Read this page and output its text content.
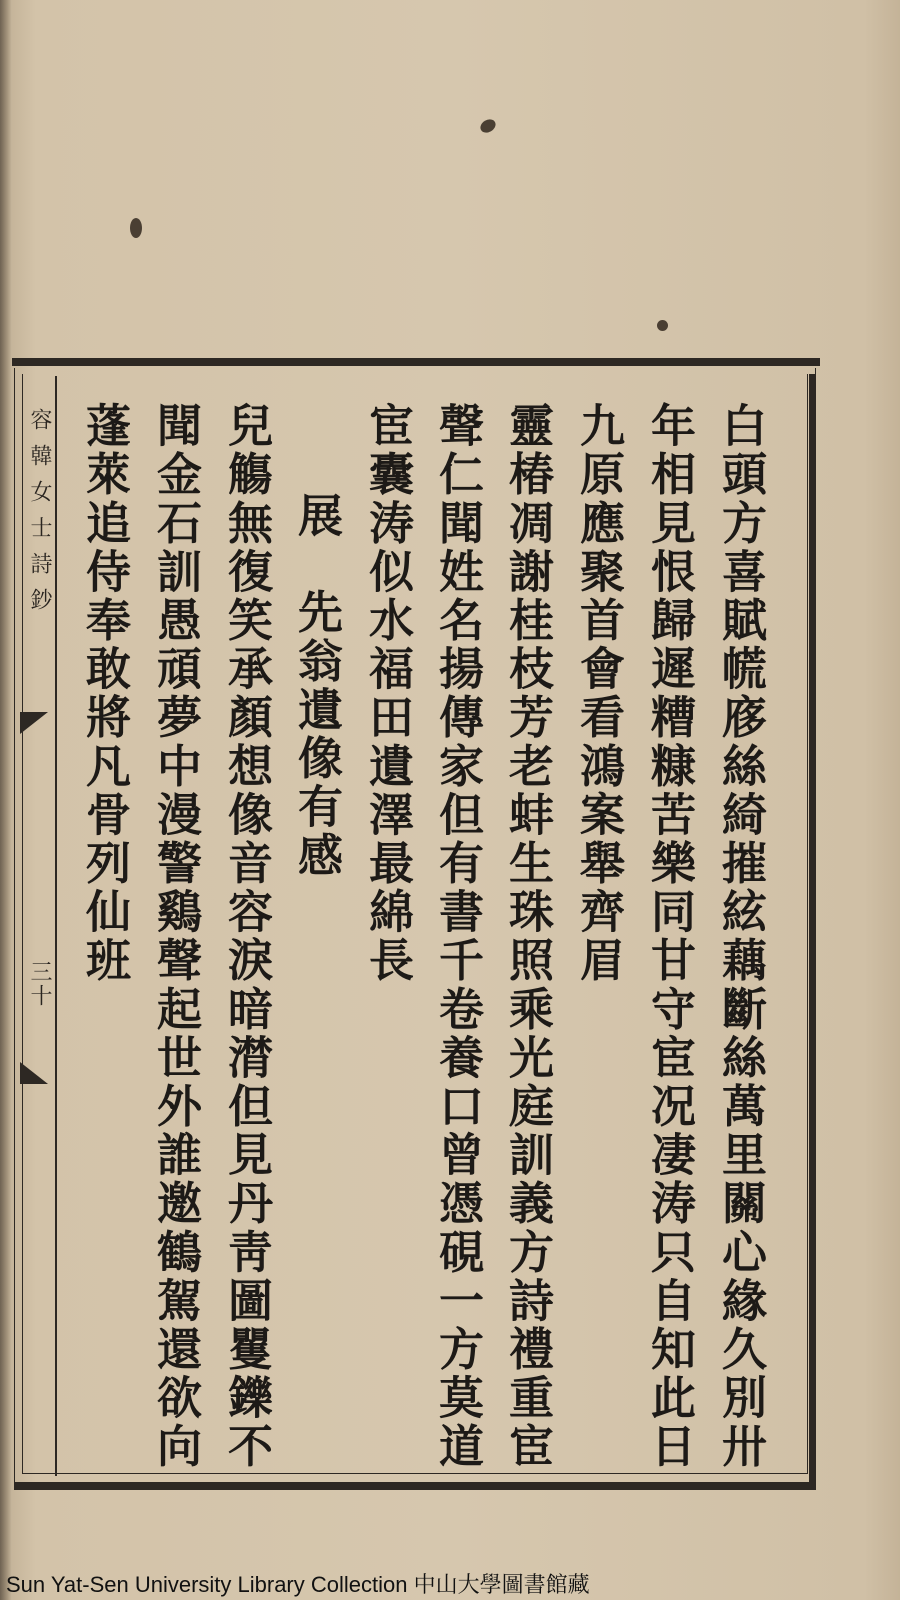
容韓女士詩鈔
三十	白頭方喜賦㡛㢋絲綺摧絃藕斷絲萬里關心緣久別卅
年相見恨歸遲糟糠苦樂同甘守宦况凄涛只自知此日
九原應聚首會看鴻案舉齊眉
靈椿凋謝桂枝芳老蚌生珠照乘光庭訓義方詩禮重宦
聲仁聞姓名揚傳家但有書千卷養口曾憑硯一方莫道
宦囊涛似水福田遺澤最綿長
展先翁遺像有感
兒觴無復笑承顏想像音容淚暗潸但見丹靑圖矍鑠不
聞金石訓愚頑夢中漫警鷄聲起世外誰邀鶴駕還欲向
蓬萊追侍奉敢將凡骨列仙班
Sun Yat-Sen University Library Collection 中山大學圖書館藏
